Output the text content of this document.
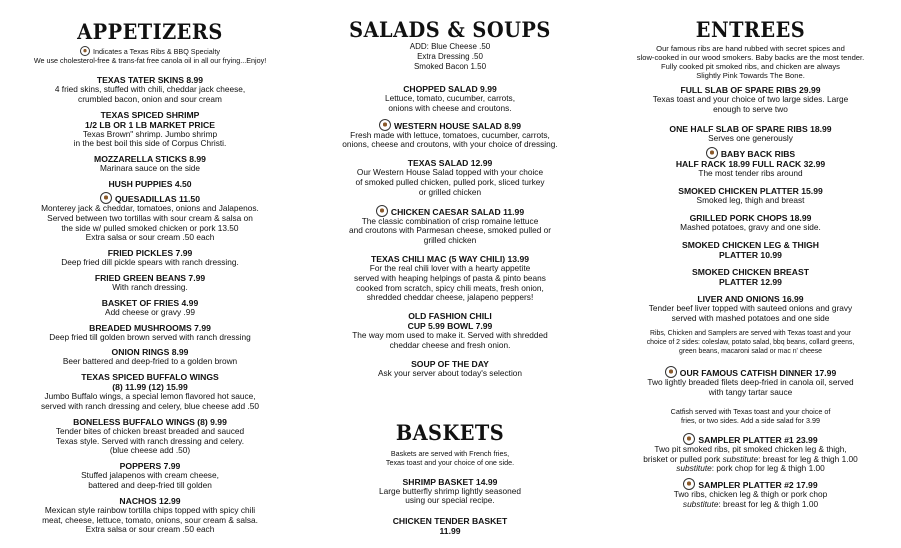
APPETIZERS
Indicates a Texas Ribs & BBQ Specialty
We use cholesterol-free & trans-fat free canola oil in all our frying...Enjoy!
TEXAS TATER SKINS 8.99
4 fried skins, stuffed with chili, cheddar jack cheese,
crumbled bacon, onion and sour cream
TEXAS SPICED SHRIMP
1/2 LB OR 1 LB MARKET PRICE
Texas Brown" shrimp. Jumbo shrimp
in the best boil this side of Corpus Christi.
MOZZARELLA STICKS 8.99
Marinara sauce on the side
HUSH PUPPIES 4.50
QUESADILLAS 11.50
Monterey jack & cheddar, tomatoes, onions and Jalapenos.
Served between two tortillas with sour cream & salsa on
the side w/ pulled smoked chicken or pork 13.50
Extra salsa or sour cream .50 each
FRIED PICKLES 7.99
Deep fried dill pickle spears with ranch dressing.
FRIED GREEN BEANS 7.99
With ranch dressing.
BASKET OF FRIES 4.99
Add cheese or gravy .99
BREADED MUSHROOMS 7.99
Deep fried till golden brown served with ranch dressing
ONION RINGS 8.99
Beer battered and deep-fried to a golden brown
TEXAS SPICED BUFFALO WINGS
(8) 11.99 (12) 15.99
Jumbo Buffalo wings, a special lemon flavored hot sauce,
served with ranch dressing and celery, blue cheese add .50
BONELESS BUFFALO WINGS (8) 9.99
Tender bites of chicken breast breaded and sauced
Texas style. Served with ranch dressing and celery.
(blue cheese add .50)
POPPERS 7.99
Stuffed jalapenos with cream cheese,
battered and deep-fried till golden
NACHOS 12.99
Mexican style rainbow tortilla chips topped with spicy chili
meat, cheese, lettuce, tomato, onions, sour cream & salsa.
Extra salsa or sour cream .50 each
SALADS & SOUPS
ADD: Blue Cheese .50
Extra Dressing .50
Smoked Bacon 1.50
CHOPPED SALAD 9.99
Lettuce, tomato, cucumber, carrots,
onions with cheese and croutons.
WESTERN HOUSE SALAD 8.99
Fresh made with lettuce, tomatoes, cucumber, carrots,
onions, cheese and croutons, with your choice of dressing.
TEXAS SALAD 12.99
Our Western House Salad topped with your choice
of smoked pulled chicken, pulled pork, sliced turkey
or grilled chicken
CHICKEN CAESAR SALAD 11.99
The classic combination of crisp romaine lettuce
and croutons with Parmesan cheese, smoked pulled or
grilled chicken
TEXAS CHILI MAC (5 WAY CHILI) 13.99
For the real chili lover with a hearty appetite
served with heaping helpings of pasta & pinto beans
cooked from scratch, spicy chili meats, fresh onion,
shredded cheddar cheese, jalapeno peppers!
OLD FASHION CHILI
CUP 5.99 BOWL 7.99
The way mom used to make it. Served with shredded
cheddar cheese and fresh onion.
SOUP OF THE DAY
Ask your server about today's selection
BASKETS
Baskets are served with French fries,
Texas toast and your choice of one side.
SHRIMP BASKET 14.99
Large butterfly shrimp lightly seasoned
using our special recipe.
CHICKEN TENDER BASKET
11.99
ENTREES
Our famous ribs are hand rubbed with secret spices and
slow-cooked in our wood smokers. Baby backs are the most tender.
Fully cooked pit smoked ribs, and chicken are always
Slightly Pink Towards The Bone.
FULL SLAB OF SPARE RIBS 29.99
Texas toast and your choice of two large sides. Large
enough to serve two
ONE HALF SLAB OF SPARE RIBS 18.99
Serves one generously
BABY BACK RIBS
HALF RACK 18.99 FULL RACK 32.99
The most tender ribs around
SMOKED CHICKEN PLATTER 15.99
Smoked leg, thigh and breast
GRILLED PORK CHOPS 18.99
Mashed potatoes, gravy and one side.
SMOKED CHICKEN LEG & THIGH
PLATTER 10.99
SMOKED CHICKEN BREAST
PLATTER 12.99
LIVER AND ONIONS 16.99
Tender beef liver topped with sauteed onions and gravy
served with mashed potatoes and one side
Ribs, Chicken and Samplers are served with Texas toast and your
choice of 2 sides: coleslaw, potato salad, bbq beans, collard greens,
green beans, macaroni salad or mac n' cheese
OUR FAMOUS CATFISH DINNER 17.99
Two lightly breaded filets deep-fried in canola oil, served
with tangy tartar sauce
Catfish served with Texas toast and your choice of
fries, or two sides. Add a side salad for 3.99
SAMPLER PLATTER #1 23.99
Two pit smoked ribs, pit smoked chicken leg & thigh,
brisket or pulled pork substitute: breast for leg & thigh 1.00
substitute: pork chop for leg & thigh 1.00
SAMPLER PLATTER #2 17.99
Two ribs, chicken leg & thigh or pork chop
substitute: breast for leg & thigh 1.00
